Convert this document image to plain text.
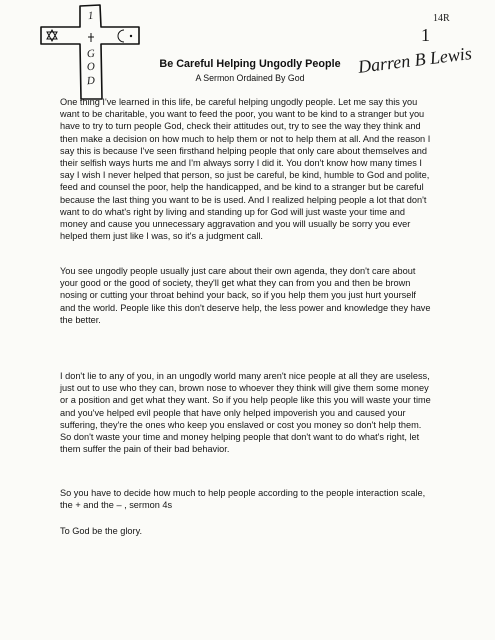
1
G
O
D
14R
1
Darren B Lewis
Be Careful Helping Ungodly People
A Sermon Ordained By God

One thing I've learned in this life, be careful helping ungodly people. Let me say this you want to be charitable, you want to feed the poor, you want to be kind to a stranger but you have to try to turn people God, check their attitudes out, try to see the way they think and then make a decision on how much to help them or not to help them at all. And the reason I say this is because I've seen firsthand helping people that only care about themselves and their selfish ways hurts me and I'm always sorry I did it. You don't know how many times I say I wish I never helped that person, so just be careful, be kind, humble to God and polite, feed and counsel the poor, help the handicapped, and be kind to a stranger but be careful because the last thing you want to be is used. And I realized helping people a lot that don't want to do what's right by living and standing up for God will just waste your time and money and cause you unnecessary aggravation and you will usually be sorry you ever helped them just like I was, so it's a judgment call.

You see ungodly people usually just care about their own agenda, they don't care about your good or the good of society, they'll get what they can from you and then be brown nosing or cutting your throat behind your back, so if you help them you just hurt yourself and the world. People like this don't deserve help, the less power and knowledge they have the better.

I don't lie to any of you, in an ungodly world many aren't nice people at all they are useless, just out to use who they can, brown nose to whoever they think will give them some money or a position and get what they want. So if you help people like this you will waste your time and you've helped evil people that have only helped impoverish you and caused your suffering, they're the ones who keep you enslaved or cost you money so don't help them. So don't waste your time and money helping people that don't want to do what's right, let them suffer the pain of their bad behavior.

So you have to decide how much to help people according to the people interaction scale, the + and the – , sermon 4s

To God be the glory.
